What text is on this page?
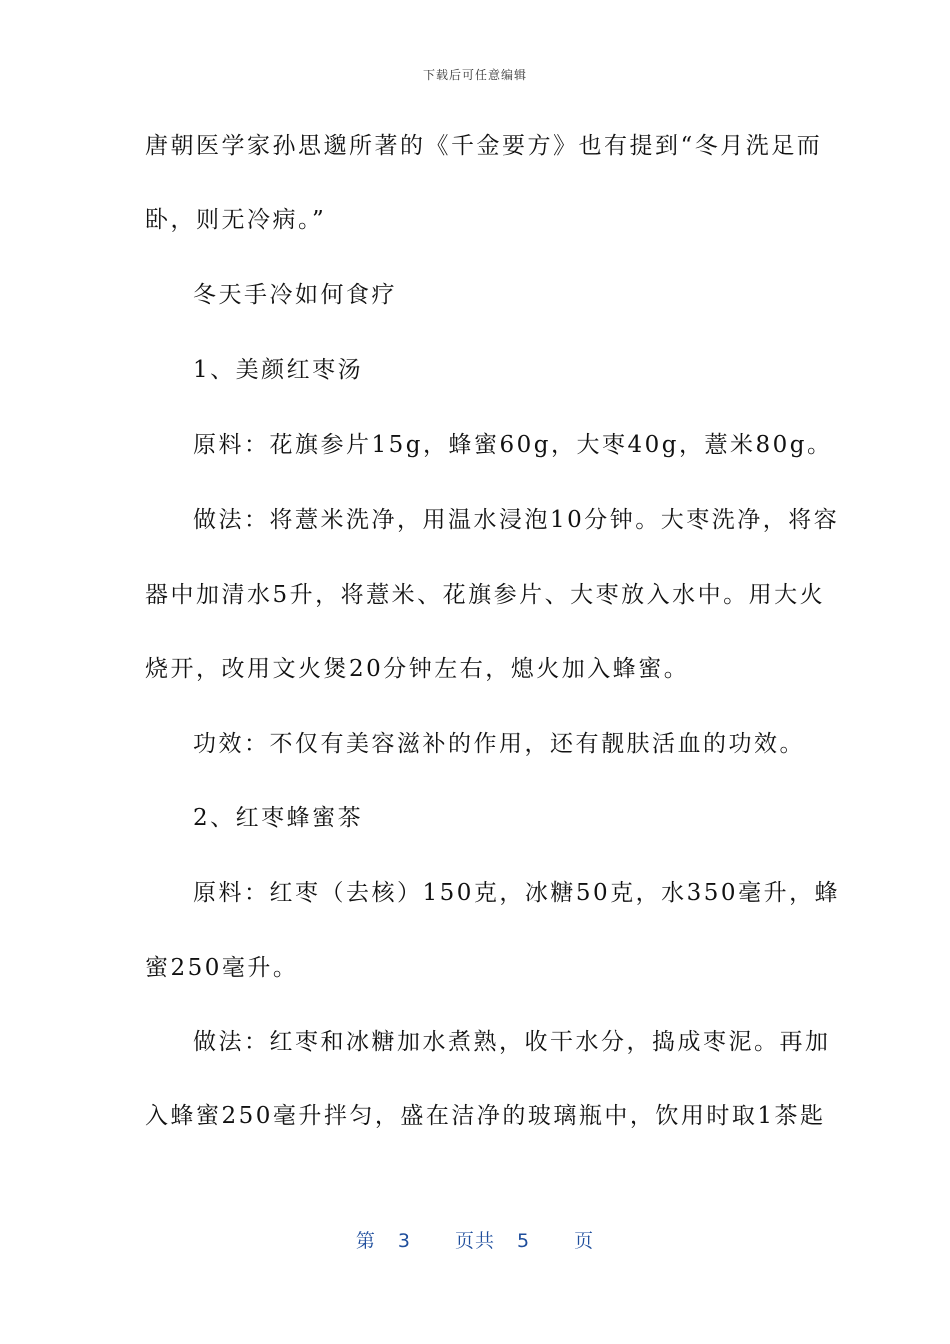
下载后可任意编辑
唐朝医学家孙思邈所著的《千金要方》也有提到“冬月洗足而
卧，则无冷病。”
冬天手冷如何食疗
1、美颜红枣汤
原料：花旗参片15g，蜂蜜60g，大枣40g，薏米80g。
做法：将薏米洗净，用温水浸泡10分钟。大枣洗净，将容
器中加清水5升，将薏米、花旗参片、大枣放入水中。用大火
烧开，改用文火煲20分钟左右，熄火加入蜂蜜。
功效：不仅有美容滋补的作用，还有靓肤活血的功效。
2、红枣蜂蜜茶
原料：红枣（去核）150克，冰糖50克，水350毫升，蜂
蜜250毫升。
做法：红枣和冰糖加水煮熟，收干水分，捣成枣泥。再加
入蜂蜜250毫升拌匀，盛在洁净的玻璃瓶中，饮用时取1茶匙
第 3 页共 5 页
